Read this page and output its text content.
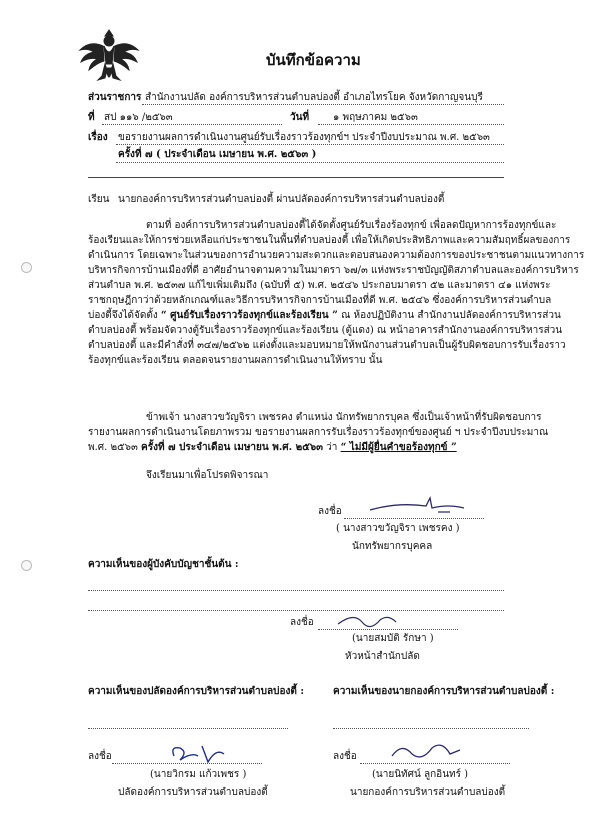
บันทึกข้อความ
ส่วนราชการ สำนักงานปลัด องค์การบริหารส่วนตำบลบ่องตี้ อำเภอไทรโยค จังหวัดกาญจนบุรี
ที่ สป ๑๑๖ /๒๕๖๓	วันที่ ๑ พฤษภาคม ๒๕๖๓
เรื่อง ขอรายงานผลการดำเนินงานศูนย์รับเรื่องราวร้องทุกข์ฯ ประจำปีงบประมาณ พ.ศ. ๒๕๖๓
ครั้งที่ ๗ ( ประจำเดือน เมษายน พ.ศ. ๒๕๖๓ )
เรียน นายกองค์การบริหารส่วนตำบลบ่องตี้ ผ่านปลัดองค์การบริหารส่วนตำบลบ่องตี้
ตามที่ องค์การบริหารส่วนตำบลบ่องตี้ได้จัดตั้งศูนย์รับเรื่องร้องทุกข์ เพื่อลดปัญหาการร้องทุกข์และ
ร้องเรียนและให้การช่วยเหลือแก่ประชาชนในพื้นที่ตำบลบ่องตี้ เพื่อให้เกิดประสิทธิภาพและความสัมฤทธิ์ผลของการ
ดำเนินการ โดยเฉพาะในส่วนของการอำนวยความสะดวกและตอบสนองความต้องการของประชาชนตามแนวทางการ
บริหารกิจการบ้านเมืองที่ดี อาศัยอำนาจตามความในมาตรา ๖๗/๓ แห่งพระราชบัญญัติสภาตำบลและองค์การบริหาร
ส่วนตำบล พ.ศ. ๒๕๓๗ แก้ไขเพิ่มเติมถึง (ฉบับที่ ๕) พ.ศ. ๒๕๔๖ ประกอบมาตรา ๕๒ และมาตรา ๔๑ แห่งพระ
ราชกฤษฎีกาว่าด้วยหลักเกณฑ์และวิธีการบริหารกิจการบ้านเมืองที่ดี พ.ศ. ๒๕๔๖ ซึ่งองค์การบริหารส่วนตำบล
บ่องตี้จึงได้จัดตั้ง “ ศูนย์รับเรื่องราวร้องทุกข์และร้องเรียน ” ณ ห้องปฏิบัติงาน สำนักงานปลัดองค์การบริหารส่วน
ตำบลบ่องตี้ พร้อมจัดวางตู้รับเรื่องราวร้องทุกข์และร้องเรียน (ตู้แดง) ณ หน้าอาคารสำนักงานองค์การบริหารส่วน
ตำบลบ่องตี้ และมีคำสั่งที่ ๓๔๗/๒๕๖๒ แต่งตั้งและมอบหมายให้พนักงานส่วนตำบลเป็นผู้รับผิดชอบการรับเรื่องราว
ร้องทุกข์และร้องเรียน ตลอดจนรายงานผลการดำเนินงานให้ทราบ นั้น
ข้าพเจ้า นางสาวขวัญจิรา เพชรคง ตำแหน่ง นักทรัพยากรบุคล ซึ่งเป็นเจ้าหน้าที่รับผิดชอบการ
รายงานผลการดำเนินงานโดยภาพรวม ขอรายงานผลการรับเรื่องราวร้องทุกข์ของศูนย์ ฯ ประจำปีงบประมาณ
พ.ศ. ๒๕๖๓ ครั้งที่ ๗ ประจำเดือน เมษายน พ.ศ. ๒๕๖๓ ว่า “ ไม่มีผู้ยื่นคำขอร้องทุกข์ ”
จึงเรียนมาเพื่อโปรดพิจารณา
ลงชื่อ
( นางสาวขวัญจิรา เพชรคง )
นักทรัพยากรบุคคล
ความเห็นของผู้บังคับบัญชาชั้นต้น :
ลงชื่อ
(นายสมบัติ รักษา )
หัวหน้าสำนักปลัด
ความเห็นของปลัดองค์การบริหารส่วนตำบลบ่องตี้ :	ความเห็นของนายกองค์การบริหารส่วนตำบลบ่องตี้ :
ลงชื่อ
(นายวิกรม แก้วเพชร )
ปลัดองค์การบริหารส่วนตำบลบ่องตี้
ลงชื่อ
(นายนิทัศน์ ลูกอินทร์ )
นายกองค์การบริหารส่วนตำบลบ่องตี้
